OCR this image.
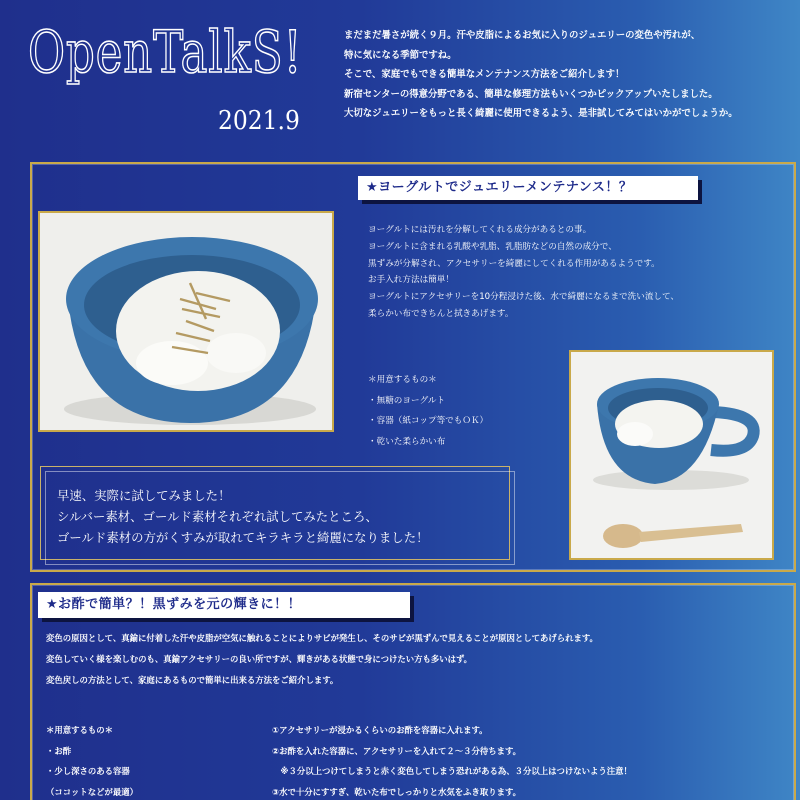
OpenTalkS!
2021.9

まだまだ暑さが続く９月。汗や皮脂によるお気に入りのジュエリーの変色や汚れが、

特に気になる季節ですね。

そこで、家庭でもできる簡単なメンテナンス方法をご紹介します！

新宿センターの得意分野である、簡単な修理方法もいくつかピックアップいたしました。

大切なジュエリーをもっと長く綺麗に使用できるよう、是非試してみてはいかがでしょうか。

★ヨーグルトでジュエリーメンテナンス！？

ヨーグルトには汚れを分解してくれる成分があるとの事。

ヨーグルトに含まれる乳酸や乳脂、乳脂肪などの自然の成分で、

黒ずみが分解され、アクセサリーを綺麗にしてくれる作用があるようです。

お手入れ方法は簡単！

ヨーグルトにアクセサリーを10分程浸けた後、水で綺麗になるまで洗い流して、

柔らかい布できちんと拭きあげます。

＊用意するもの＊

・無糖のヨーグルト

・容器（紙コップ等でもＯＫ）

・乾いた柔らかい布

早速、実際に試してみました！

シルバー素材、ゴールド素材それぞれ試してみたところ、

ゴールド素材の方がくすみが取れてキラキラと綺麗になりました！

★お酢で簡単？！黒ずみを元の輝きに！！

変色の原因として、真鍮に付着した汗や皮脂が空気に触れることによりサビが発生し、そのサビが黒ずんで見えることが原因としてあげられます。

変色していく様を楽しむのも、真鍮アクセサリーの良い所ですが、輝きがある状態で身につけたい方も多いはず。

変色戻しの方法として、家庭にあるもので簡単に出来る方法をご紹介します。

＊用意するもの＊

・お酢

・少し深さのある容器

（ココットなどが最適）

①アクセサリーが浸かるくらいのお酢を容器に入れます。

②お酢を入れた容器に、アクセサリーを入れて２～３分待ちます。

　※３分以上つけてしまうと赤く変色してしまう恐れがある為、３分以上はつけないよう注意！

③水で十分にすすぎ、乾いた布でしっかりと水気をふき取ります。
